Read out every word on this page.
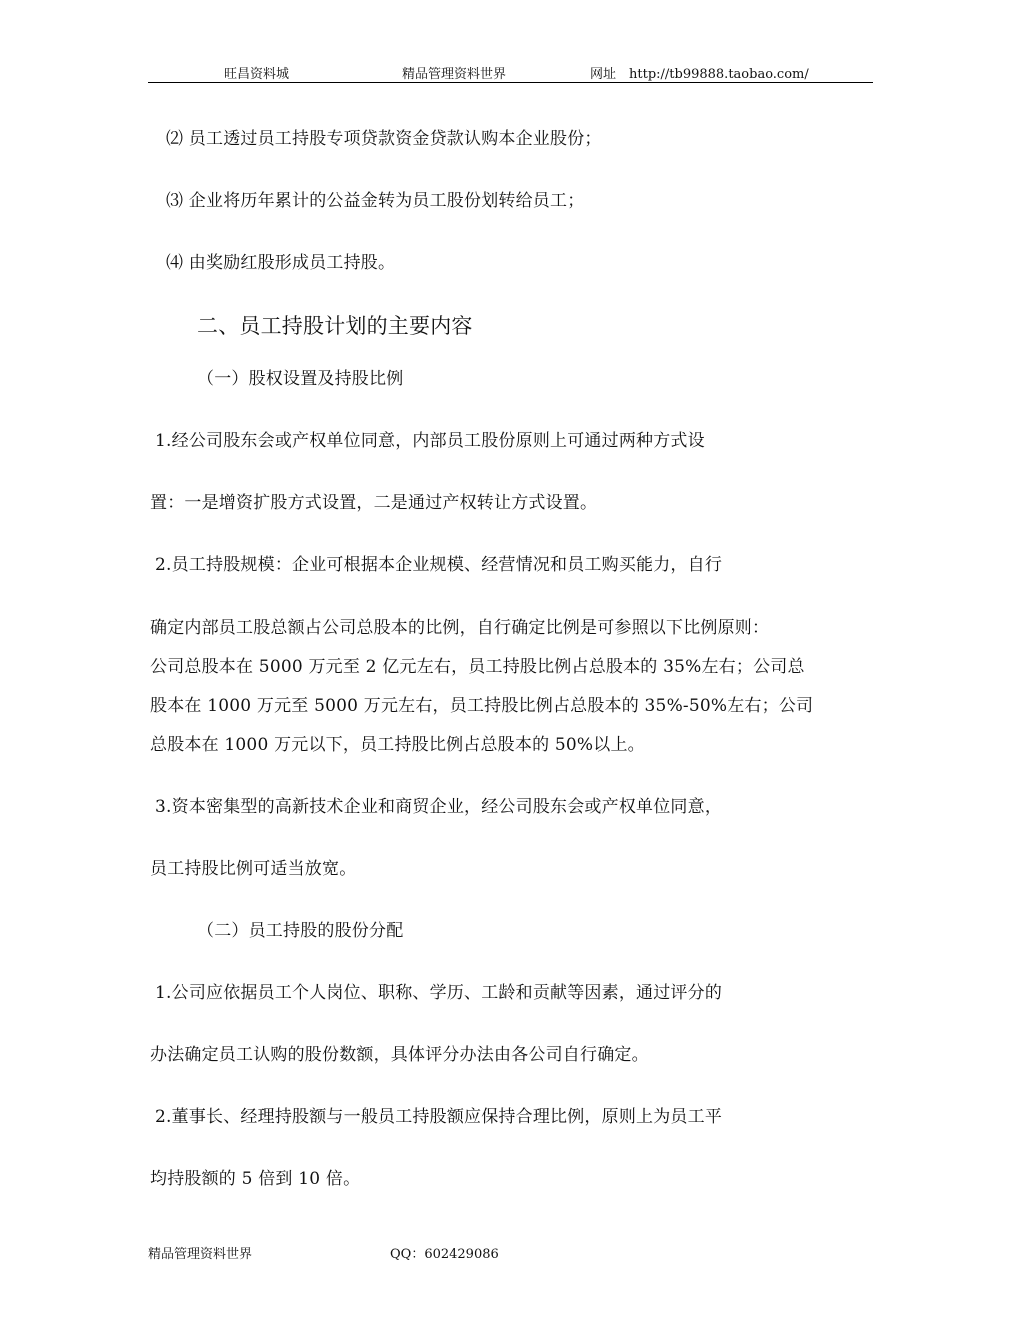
旺昌资料城	精品管理资料世界	网址　http://tb99888.taobao.com/
⑵ 员工透过员工持股专项贷款资金贷款认购本企业股份；
⑶ 企业将历年累计的公益金转为员工股份划转给员工；
⑷ 由奖励红股形成员工持股。
二、员工持股计划的主要内容
（一）股权设置及持股比例
1.经公司股东会或产权单位同意，内部员工股份原则上可通过两种方式设
置：一是增资扩股方式设置，二是通过产权转让方式设置。
2.员工持股规模：企业可根据本企业规模、经营情况和员工购买能力，自行
确定内部员工股总额占公司总股本的比例，自行确定比例是可参照以下比例原则：
公司总股本在 5000 万元至 2 亿元左右，员工持股比例占总股本的 35%左右；公司总
股本在 1000 万元至 5000 万元左右，员工持股比例占总股本的 35%-50%左右；公司
总股本在 1000 万元以下，员工持股比例占总股本的 50%以上。
3.资本密集型的高新技术企业和商贸企业，经公司股东会或产权单位同意，
员工持股比例可适当放宽。
（二）员工持股的股份分配
1.公司应依据员工个人岗位、职称、学历、工龄和贡献等因素，通过评分的
办法确定员工认购的股份数额，具体评分办法由各公司自行确定。
2.董事长、经理持股额与一般员工持股额应保持合理比例，原则上为员工平
均持股额的 5 倍到 10 倍。
精品管理资料世界	QQ：602429086
